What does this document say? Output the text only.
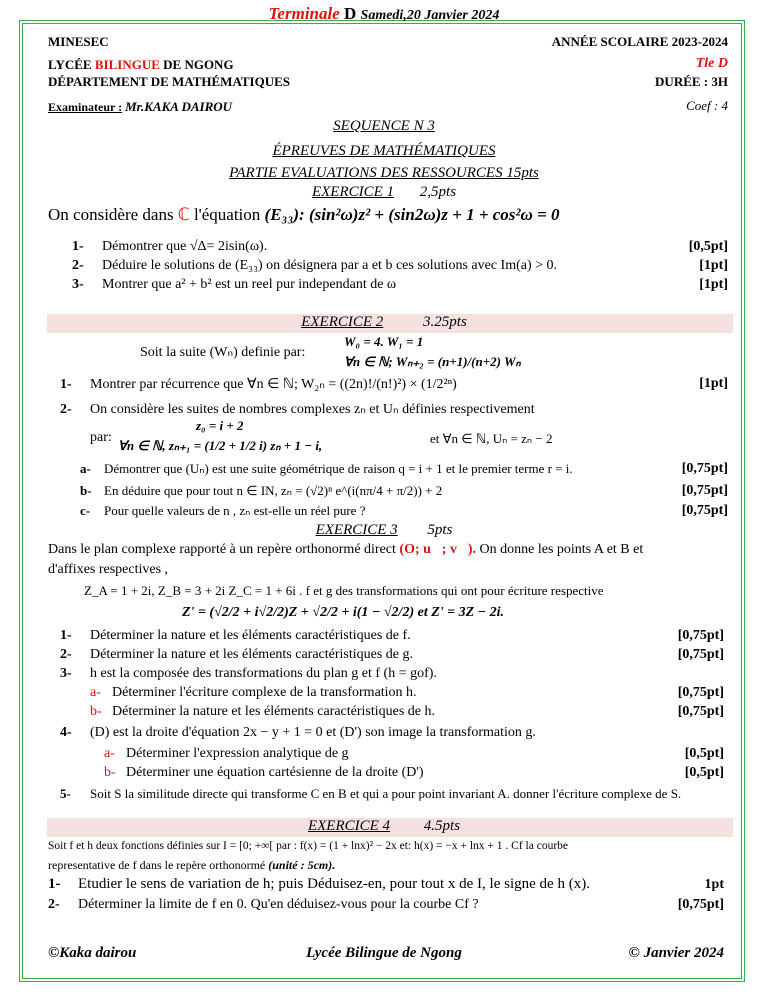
Terminale D Samedi,20 Janvier 2024
MINESEC	ANNÉE SCOLAIRE 2023-2024
LYCÉE BILINGUE DE NGONG	Tle D
DÉPARTEMENT DE MATHÉMATIQUES	DURÉE : 3H
Examinateur : Mr.KAKA DAIROU	Coef : 4
SEQUENCE N 3
ÉPREUVES DE MATHÉMATIQUES
PARTIE EVALUATIONS DES RESSOURCES 15pts
EXERCICE 1 2,5pts
On considère dans ℂ l'équation (E₃₃): (sin²ω)z² + (sin2ω)z + 1 + cos²ω = 0
1- Démontrer que √Δ= 2isin(ω).	[0,5pt]
2- Déduire le solutions de (E₃₃) on désignera par a et b ces solutions avec Im(a) > 0.	[1pt]
3- Montrer que a² + b² est un reel pur independant de ω	[1pt]
EXERCICE 2	3.25pts
Soit la suite (Wₙ) definie par:
W₀ = 4. W₁ = 1
∀n ∈ ℕ; Wₙ₊₂ = (n+1)/(n+2) Wₙ
1- Montrer par récurrence que ∀n ∈ ℕ; W₂ₙ = ((2n)!/(n!)²) × (1/2²ⁿ)	[1pt]
2- On considère les suites de nombres complexes zₙ et Uₙ définies respectivement
par:
z₀ = i + 2
∀n ∈ ℕ, zₙ₊₁ = (1/2 + 1/2 i) zₙ + 1 − i,	et ∀n ∈ ℕ, Uₙ = zₙ − 2
a- Démontrer que (Uₙ) est une suite géométrique de raison q = i + 1 et le premier terme r = i.	[0,75pt]
b- En déduire que pour tout n ∈ IN, zₙ = (√2)ⁿ e^(i(nπ/4 + π/2)) + 2	[0,75pt]
c- Pour quelle valeurs de n , zₙ est-elle un réel pure ?	[0,75pt]
EXERCICE 3 5pts
Dans le plan complexe rapporté à un repère orthonormé direct (O; u⃗; v⃗). On donne les points A et B et
d'affixes respectives ,
Z_A = 1 + 2i, Z_B = 3 + 2i Z_C = 1 + 6i . f et g des transformations qui ont pour écriture respective
Z' = (√2/2 + i√2/2)Z + √2/2 + i(1 − √2/2) et Z' = 3Z − 2i.
1- Déterminer la nature et les éléments caractéristiques de f.	[0,75pt]
2- Déterminer la nature et les éléments caractéristiques de g.	[0,75pt]
3- h est la composée des transformations du plan g et f (h = gof).
a- Déterminer l'écriture complexe de la transformation h.	[0,75pt]
b- Déterminer la nature et les éléments caractéristiques de h.	[0,75pt]
4- (D) est la droite d'équation 2x − y + 1 = 0 et (D') son image la transformation g.
a- Déterminer l'expression analytique de g	[0,5pt]
b- Déterminer une équation cartésienne de la droite (D')	[0,5pt]
5- Soit S la similitude directe qui transforme C en B et qui a pour point invariant A. donner l'écriture complexe de S.
EXERCICE 4 4.5pts
Soit f et h deux fonctions définies sur I = [0; +∞[ par : f(x) = (1 + lnx)² − 2x et: h(x) = −x + lnx + 1 . Cf la courbe
representative de f dans le repère orthonormé (unité : 5cm).
1- Etudier le sens de variation de h; puis Déduisez-en, pour tout x de I, le signe de h (x).	1pt
2- Déterminer la limite de f en 0. Qu'en déduisez-vous pour la courbe Cf ?	[0,75pt]
©Kaka dairou	Lycée Bilingue de Ngong	© Janvier 2024
